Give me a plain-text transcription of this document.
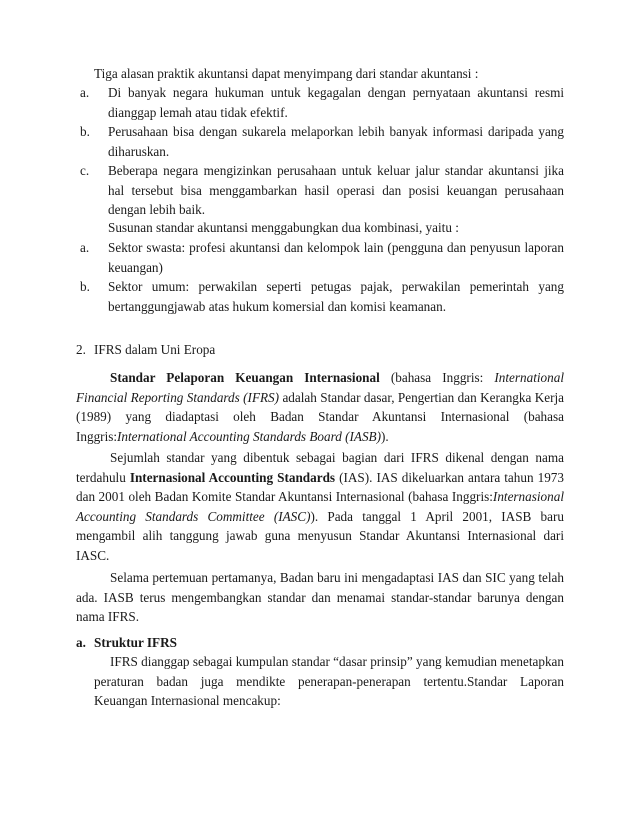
Tiga alasan praktik akuntansi dapat menyimpang dari standar akuntansi :
a. Di banyak negara hukuman untuk kegagalan dengan pernyataan akuntansi resmi dianggap lemah atau tidak efektif.
b. Perusahaan bisa dengan sukarela melaporkan lebih banyak informasi daripada yang diharuskan.
c. Beberapa negara mengizinkan perusahaan untuk keluar jalur standar akuntansi jika hal tersebut bisa menggambarkan hasil operasi dan posisi keuangan perusahaan dengan lebih baik.
Susunan standar akuntansi menggabungkan dua kombinasi, yaitu :
a. Sektor swasta: profesi akuntansi dan kelompok lain (pengguna dan penyusun laporan keuangan)
b. Sektor umum: perwakilan seperti petugas pajak, perwakilan pemerintah yang bertanggungjawab atas hukum komersial dan komisi keamanan.
2. IFRS dalam Uni Eropa
Standar Pelaporan Keuangan Internasional (bahasa Inggris: International Financial Reporting Standards (IFRS) adalah Standar dasar, Pengertian dan Kerangka Kerja (1989) yang diadaptasi oleh Badan Standar Akuntansi Internasional (bahasa Inggris:International Accounting Standards Board (IASB)).
Sejumlah standar yang dibentuk sebagai bagian dari IFRS dikenal dengan nama terdahulu Internasional Accounting Standards (IAS). IAS dikeluarkan antara tahun 1973 dan 2001 oleh Badan Komite Standar Akuntansi Internasional (bahasa Inggris:Internasional Accounting Standards Committee (IASC)). Pada tanggal 1 April 2001, IASB baru mengambil alih tanggung jawab guna menyusun Standar Akuntansi Internasional dari IASC.
Selama pertemuan pertamanya, Badan baru ini mengadaptasi IAS dan SIC yang telah ada. IASB terus mengembangkan standar dan menamai standar-standar barunya dengan nama IFRS.
a. Struktur IFRS
IFRS dianggap sebagai kumpulan standar “dasar prinsip” yang kemudian menetapkan peraturan badan juga mendikte penerapan-penerapan tertentu.Standar Laporan Keuangan Internasional mencakup:
